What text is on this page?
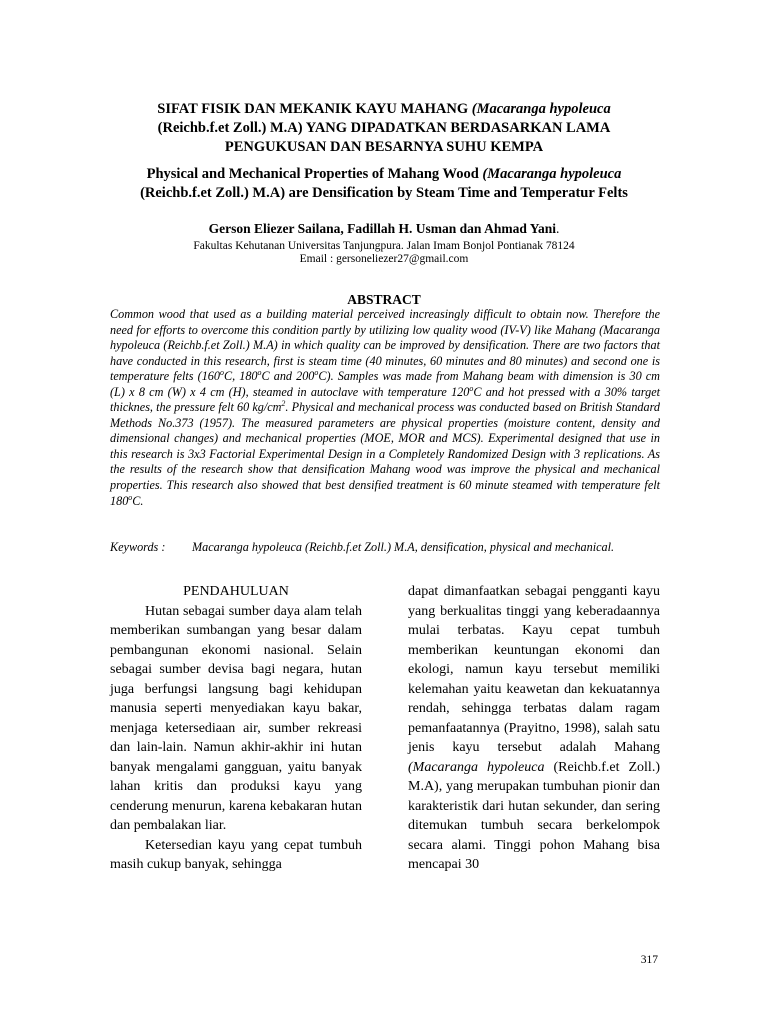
SIFAT FISIK DAN MEKANIK KAYU MAHANG (Macaranga hypoleuca
(Reichb.f.et Zoll.) M.A) YANG DIPADATKAN BERDASARKAN LAMA
PENGUKUSAN DAN BESARNYA SUHU KEMPA
Physical and Mechanical Properties of Mahang Wood (Macaranga hypoleuca
(Reichb.f.et Zoll.) M.A) are Densification by Steam Time and Temperatur Felts
Gerson Eliezer Sailana, Fadillah H. Usman dan Ahmad Yani.
Fakultas Kehutanan Universitas Tanjungpura. Jalan Imam Bonjol Pontianak 78124
Email : gersoneliezer27@gmail.com
ABSTRACT

Common wood that used as a building material perceived increasingly difficult to obtain now. Therefore the need for efforts to overcome this condition partly by utilizing low quality wood (IV-V) like Mahang (Macaranga hypoleuca (Reichb.f.et Zoll.) M.A) in which quality can be improved by densification. There are two factors that have conducted in this research, first is steam time (40 minutes, 60 minutes and 80 minutes) and second one is temperature felts (160$^o$C, 180$^o$C and 200$^o$C). Samples was made from Mahang beam with dimension is 30 cm (L) x 8 cm (W) x 4 cm (H), steamed in autoclave with temperature 120$^o$C and hot pressed with a 30% target thicknes, the pressure felt 60 $kg/cm^2$. Physical and mechanical process was conducted based on British Standard Methods No.373 (1957). The measured parameters are physical properties (moisture content, density and dimensional changes) and mechanical properties (MOE, MOR and MCS). Experimental designed that use in this research is 3x3 Factorial Experimental Design in a Completely Randomized Design with 3 replications. As the results of the research show that densification Mahang wood was improve the physical and mechanical properties. This research also showed that best densified treatment is 60 minute steamed with temperature felt 180$^o$C.

Keywords :	Macaranga hypoleuca (Reichb.f.et Zoll.) M.A, densification, physical and mechanical.

PENDAHULUAN

Hutan sebagai sumber daya alam telah memberikan sumbangan yang besar dalam pembangunan ekonomi nasional. Selain sebagai sumber devisa bagi negara, hutan juga berfungsi langsung bagi kehidupan manusia seperti menyediakan kayu bakar, menjaga ketersediaan air, sumber rekreasi dan lain-lain. Namun akhir-akhir ini hutan banyak mengalami gangguan, yaitu banyak lahan kritis dan produksi kayu yang cenderung menurun, karena kebakaran hutan dan pembalakan liar.

Ketersedian kayu yang cepat tumbuh masih cukup banyak, sehingga

dapat dimanfaatkan sebagai pengganti kayu yang berkualitas tinggi yang keberadaannya mulai terbatas. Kayu cepat tumbuh memberikan keuntungan ekonomi dan ekologi, namun kayu tersebut memiliki kelemahan yaitu keawetan dan kekuatannya rendah, sehingga terbatas dalam ragam pemanfaatannya (Prayitno, 1998), salah satu jenis kayu tersebut adalah Mahang (Macaranga hypoleuca (Reichb.f.et Zoll.) M.A), yang merupakan tumbuhan pionir dan karakteristik dari hutan sekunder, dan sering ditemukan tumbuh secara berkelompok secara alami. Tinggi pohon Mahang bisa mencapai 30

317
